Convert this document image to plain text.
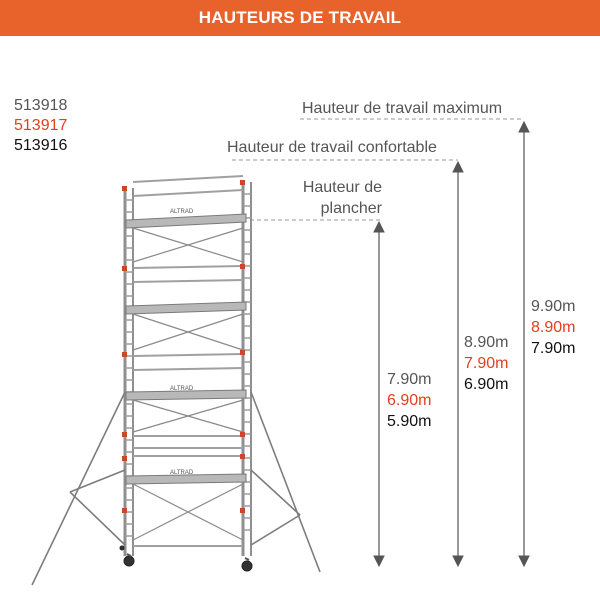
HAUTEURS DE TRAVAIL
513918
513917
513916
ALTRAD
ALTRAD
ALTRAD
Hauteur de travail maximum
Hauteur de travail confortable
Hauteur de
plancher
7.90m
6.90m
5.90m
8.90m
7.90m
6.90m
9.90m
8.90m
7.90m
